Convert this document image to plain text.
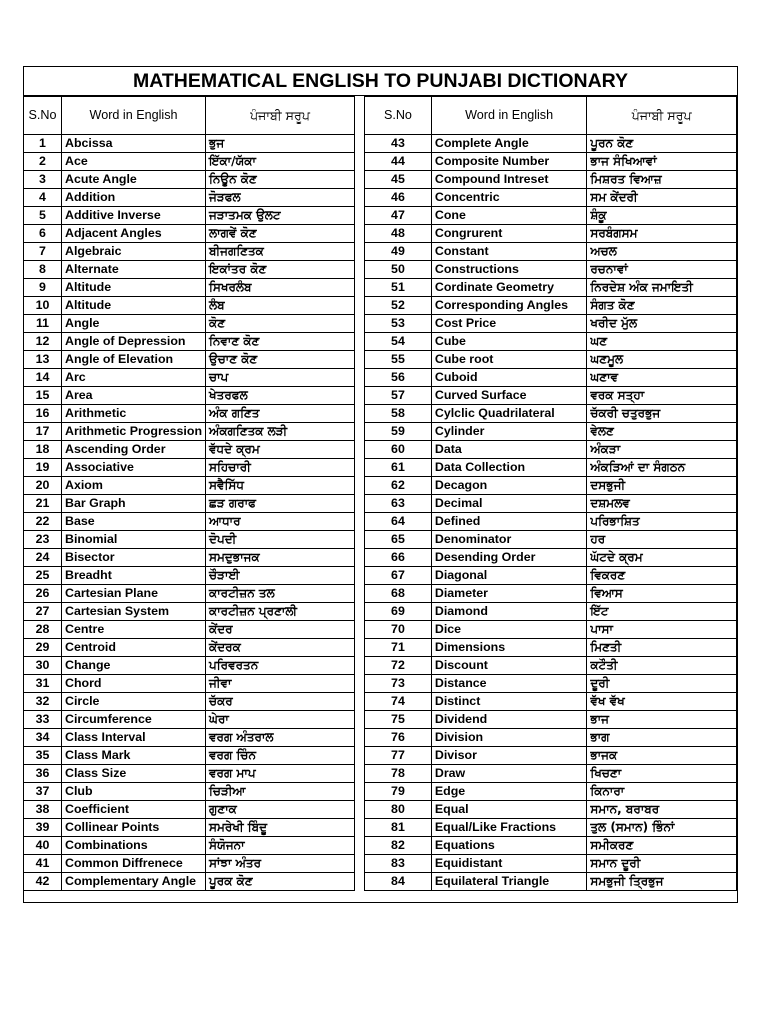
MATHEMATICAL ENGLISH TO PUNJABI DICTIONARY
S.No	Word in English	ਪੰਜਾਬੀ ਸਰੂਪ
1	Abcissa	ਭੁਜ
2	Ace	ਇੱਕਾ/ਯੱਕਾ
3	Acute Angle	ਨਿਊਨ ਕੋਣ
4	Addition	ਜੋੜਫਲ
5	Additive Inverse	ਜੜਾਤਮਕ ਉਲਟ
6	Adjacent Angles	ਲਾਗਵੇਂ ਕੋਣ
7	Algebraic	ਬੀਜਗਣਿਤਕ
8	Alternate	ਇਕਾਂਤਰ ਕੋਣ
9	Altitude	ਸਿਖਰਲੰਬ
10	Altitude	ਲੰਬ
11	Angle	ਕੋਣ
12	Angle of Depression	ਨਿਵਾਣ ਕੋਣ
13	Angle of Elevation	ਉਚਾਣ ਕੋਣ
14	Arc	ਚਾਪ
15	Area	ਖੇਤਰਫਲ
16	Arithmetic	ਅੰਕ ਗਣਿਤ
17	Arithmetic Progression	ਅੰਕਗਣਿਤਕ ਲੜੀ
18	Ascending Order	ਵੱਧਦੇ ਕ੍ਰਮ
19	Associative	ਸਹਿਚਾਰੀ
20	Axiom	ਸਵੈਸਿੱਧ
21	Bar Graph	ਛੜ ਗਰਾਫ
22	Base	ਆਧਾਰ
23	Binomial	ਦੋਪਦੀ
24	Bisector	ਸਮਦੁਭਾਜਕ
25	Breadht	ਚੌੜਾਈ
26	Cartesian Plane	ਕਾਰਟੀਜ਼ਨ ਤਲ
27	Cartesian System	ਕਾਰਟੀਜ਼ਨ ਪ੍ਰਣਾਲੀ
28	Centre	ਕੇਂਦਰ
29	Centroid	ਕੇਂਦਰਕ
30	Change	ਪਰਿਵਰਤਨ
31	Chord	ਜੀਵਾ
32	Circle	ਚੱਕਰ
33	Circumference	ਘੇਰਾ
34	Class Interval	ਵਰਗ ਅੰਤਰਾਲ
35	Class Mark	ਵਰਗ ਚਿੰਨ
36	Class Size	ਵਰਗ ਮਾਪ
37	Club	ਚਿੜੀਆ
38	Coefficient	ਗੁਣਾਕ
39	Collinear Points	ਸਮਰੇਖੀ ਬਿੰਦੂ
40	Combinations	ਸੰਯੋਜਨਾ
41	Common Diffrenece	ਸਾਂਝਾ ਅੰਤਰ
42	Complementary Angle	ਪੂਰਕ ਕੋਣ
S.No	Word in English	ਪੰਜਾਬੀ ਸਰੂਪ
43	Complete Angle	ਪੂਰਨ ਕੋਣ
44	Composite Number	ਭਾਜ ਸੰਖਿਆਵਾਂ
45	Compound Intreset	ਮਿਸ਼ਰਤ ਵਿਆਜ਼
46	Concentric	ਸਮ ਕੇਂਦਰੀ
47	Cone	ਸ਼ੰਕੂ
48	Congrurent	ਸਰਬੰਗਸਮ
49	Constant	ਅਚਲ
50	Constructions	ਰਚਨਾਵਾਂ
51	Cordinate Geometry	ਨਿਰਦੇਸ਼ ਅੰਕ ਜਮਾਇਤੀ
52	Corresponding Angles	ਸੰਗਤ ਕੋਣ
53	Cost Price	ਖਰੀਦ ਮੁੱਲ
54	Cube	ਘਣ
55	Cube root	ਘਣਮੂਲ
56	Cuboid	ਘਣਾਵ
57	Curved Surface	ਵਰਕ ਸਤ੍ਹਾ
58	Cylclic Quadrilateral	ਚੱਕਰੀ ਚਤੁਰਭੁਜ
59	Cylinder	ਵੇਲਣ
60	Data	ਅੰਕੜਾ
61	Data Collection	ਅੰਕੜਿਆਂ ਦਾ ਸੰਗਠਨ
62	Decagon	ਦਸਭੁਜੀ
63	Decimal	ਦਸ਼ਮਲਵ
64	Defined	ਪਰਿਭਾਸ਼ਿਤ
65	Denominator	ਹਰ
66	Desending Order	ਘੱਟਦੇ ਕ੍ਰਮ
67	Diagonal	ਵਿਕਰਣ
68	Diameter	ਵਿਆਸ
69	Diamond	ਇੱਟ
70	Dice	ਪਾਸਾ
71	Dimensions	ਮਿਣਤੀ
72	Discount	ਕਟੌਤੀ
73	Distance	ਦੂਰੀ
74	Distinct	ਵੱਖ ਵੱਖ
75	Dividend	ਭਾਜ
76	Division	ਭਾਗ
77	Divisor	ਭਾਜਕ
78	Draw	ਖਿਚਣਾ
79	Edge	ਕਿਨਾਰਾ
80	Equal	ਸਮਾਨ, ਬਰਾਬਰ
81	Equal/Like Fractions	ਤੁਲ (ਸਮਾਨ) ਭਿੰਨਾਂ
82	Equations	ਸਮੀਕਰਣ
83	Equidistant	ਸਮਾਨ ਦੂਰੀ
84	Equilateral Triangle	ਸਮਭੁਜੀ ਤ੍ਰਿਭੁਜ
